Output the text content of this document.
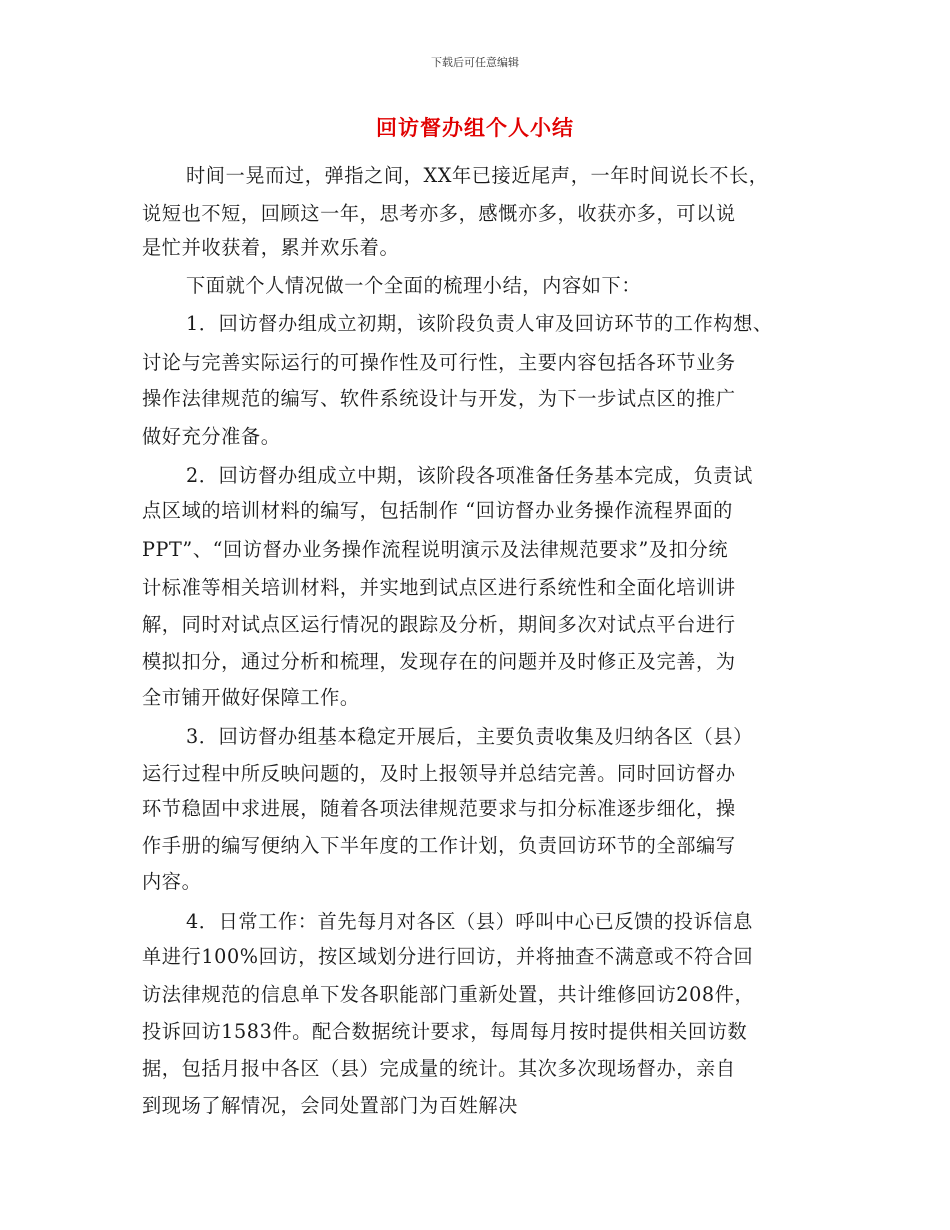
下载后可任意编辑
回访督办组个人小结
时间一晃而过，弹指之间，XX年已接近尾声，一年时间说长不长，
说短也不短，回顾这一年，思考亦多，感慨亦多，收获亦多，可以说
是忙并收获着，累并欢乐着。
下面就个人情况做一个全面的梳理小结，内容如下：
1．回访督办组成立初期，该阶段负责人审及回访环节的工作构想、
讨论与完善实际运行的可操作性及可行性，主要内容包括各环节业务
操作法律规范的编写、软件系统设计与开发，为下一步试点区的推广
做好充分准备。
2．回访督办组成立中期，该阶段各项准备任务基本完成，负责试
点区域的培训材料的编写，包括制作 “回访督办业务操作流程界面的
PPT”、“回访督办业务操作流程说明演示及法律规范要求”及扣分统
计标准等相关培训材料，并实地到试点区进行系统性和全面化培训讲
解，同时对试点区运行情况的跟踪及分析，期间多次对试点平台进行
模拟扣分，通过分析和梳理，发现存在的问题并及时修正及完善，为
全市铺开做好保障工作。
3．回访督办组基本稳定开展后，主要负责收集及归纳各区（县）
运行过程中所反映问题的，及时上报领导并总结完善。同时回访督办
环节稳固中求进展，随着各项法律规范要求与扣分标准逐步细化，操
作手册的编写便纳入下半年度的工作计划，负责回访环节的全部编写
内容。
4．日常工作：首先每月对各区（县）呼叫中心已反馈的投诉信息
单进行100%回访，按区域划分进行回访，并将抽查不满意或不符合回
访法律规范的信息单下发各职能部门重新处置，共计维修回访208件，
投诉回访1583件。配合数据统计要求，每周每月按时提供相关回访数
据，包括月报中各区（县）完成量的统计。其次多次现场督办，亲自
到现场了解情况，会同处置部门为百姓解决
